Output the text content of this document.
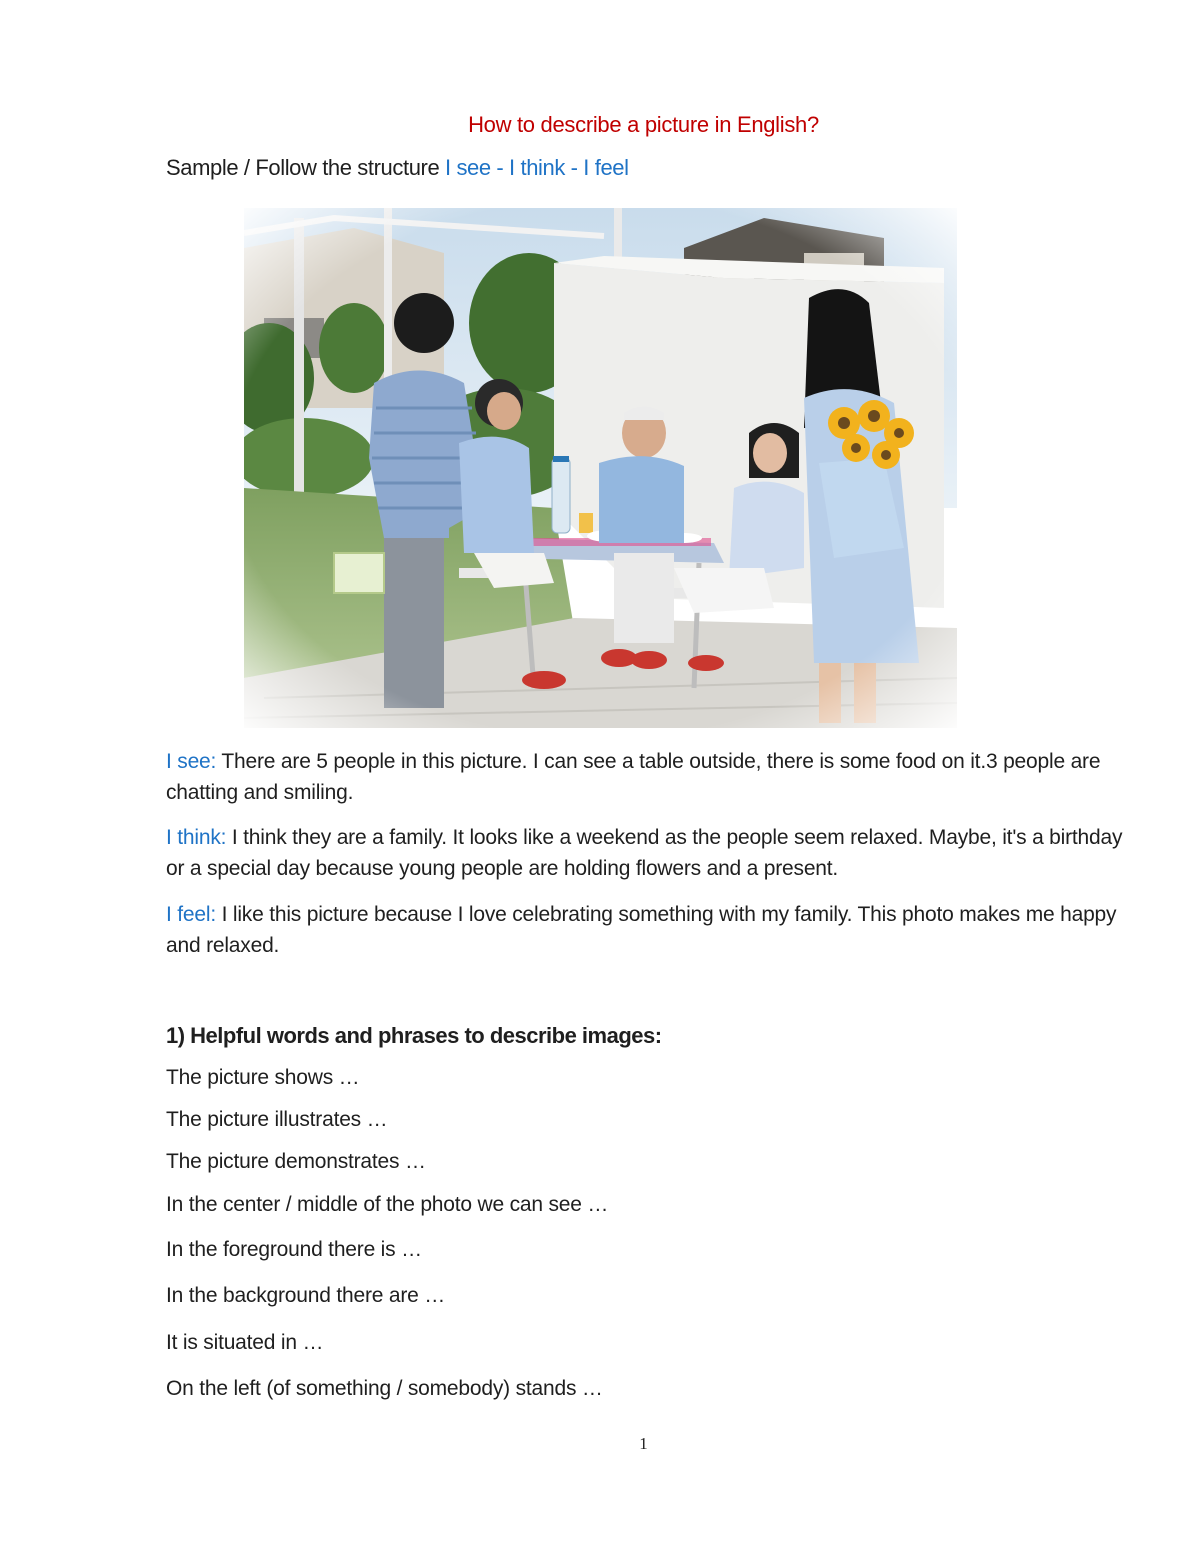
How to describe a picture in English?
Sample / Follow the structure I see - I think - I feel
I see: There are 5 people in this picture. I can see a table outside, there is some food on it.3 people are chatting and smiling.
I think: I think they are a family. It looks like a weekend as the people seem relaxed. Maybe, it's a birthday or a special day because young people are holding flowers and a present.
I feel: I like this picture because I love celebrating something with my family. This photo makes me happy and relaxed.
1) Helpful words and phrases to describe images:
The picture shows …
The picture illustrates …
The picture demonstrates …
In the center / middle of the photo we can see …
In the foreground there is …
In the background there are …
It is situated in …
On the left (of something / somebody) stands …
1
